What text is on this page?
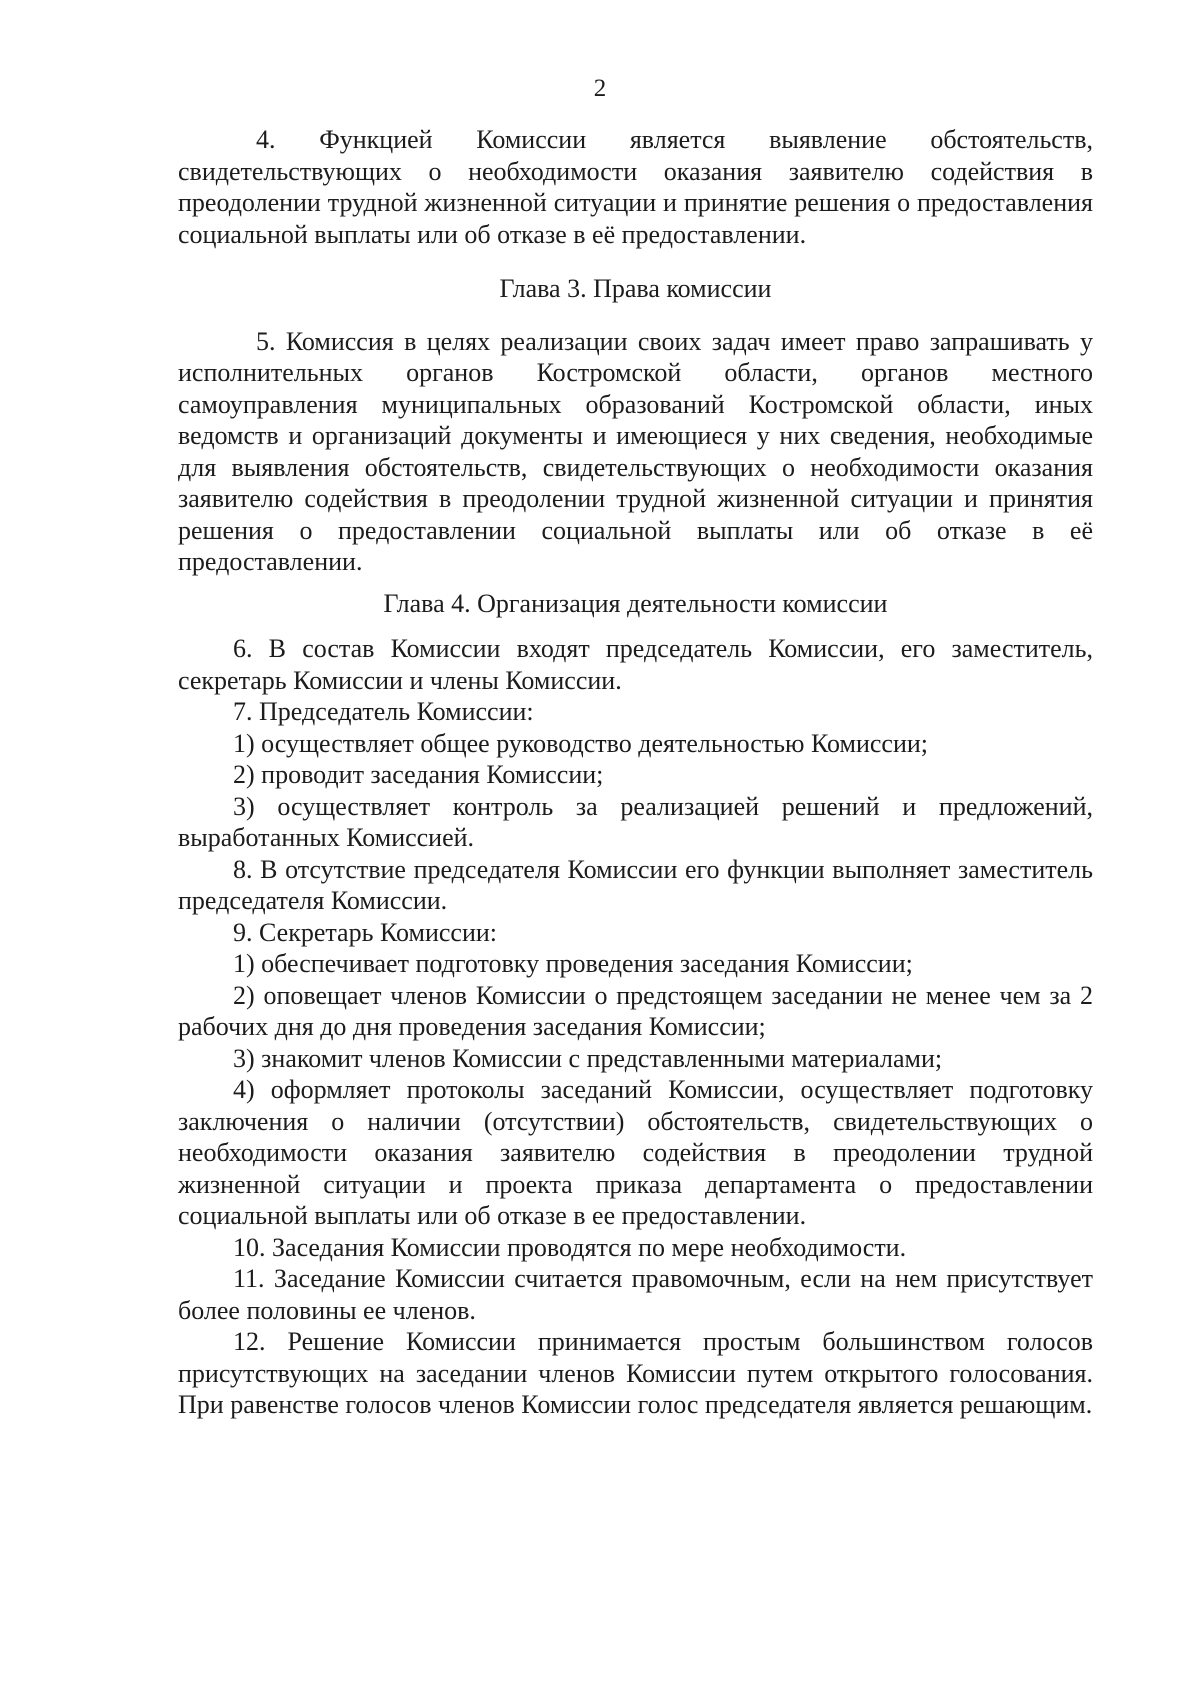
2

4. Функцией Комиссии является выявление обстоятельств, свидетельствующих о необходимости оказания заявителю содействия в преодолении трудной жизненной ситуации и принятие решения о предоставления социальной выплаты или об отказе в её предоставлении.

Глава 3. Права комиссии

5. Комиссия в целях реализации своих задач имеет право запрашивать у исполнительных органов Костромской области, органов местного самоуправления муниципальных образований Костромской области, иных ведомств и организаций документы и имеющиеся у них сведения, необходимые для выявления обстоятельств, свидетельствующих о необходимости оказания заявителю содействия в преодолении трудной жизненной ситуации и принятия решения о предоставлении социальной выплаты или об отказе в её предоставлении.

Глава 4. Организация деятельности комиссии

6. В состав Комиссии входят председатель Комиссии, его заместитель, секретарь Комиссии и члены Комиссии.

7. Председатель Комиссии:

1) осуществляет общее руководство деятельностью Комиссии;

2) проводит заседания Комиссии;

3) осуществляет контроль за реализацией решений и предложений, выработанных Комиссией.

8. В отсутствие председателя Комиссии его функции выполняет заместитель председателя Комиссии.

9. Секретарь Комиссии:

1) обеспечивает подготовку проведения заседания Комиссии;

2) оповещает членов Комиссии о предстоящем заседании не менее чем за 2 рабочих дня до дня проведения заседания Комиссии;

3) знакомит членов Комиссии с представленными материалами;

4) оформляет протоколы заседаний Комиссии, осуществляет подготовку заключения о наличии (отсутствии) обстоятельств, свидетельствующих о необходимости оказания заявителю содействия в преодолении трудной жизненной ситуации и проекта приказа департамента о предоставлении социальной выплаты или об отказе в ее предоставлении.

10. Заседания Комиссии проводятся по мере необходимости.

11. Заседание Комиссии считается правомочным, если на нем присутствует более половины ее членов.

12. Решение Комиссии принимается простым большинством голосов присутствующих на заседании членов Комиссии путем открытого голосования. При равенстве голосов членов Комиссии голос председателя является решающим.
